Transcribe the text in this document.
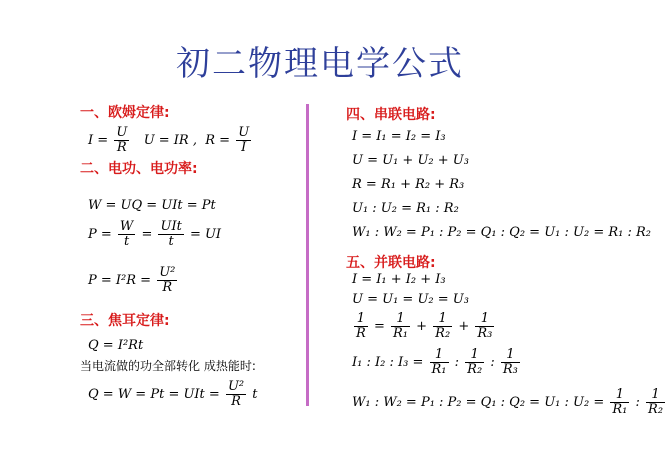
初二物理电学公式
一、欧姆定律:
$I = \frac{U}{R}$ U = IR , $R = \frac{U}{I}$
二、电功、电功率:
W = UQ = UIt = Pt
$P = \frac{W}{t} = \frac{\text{UIt}}{t}$ = UI
$P = I^2R = \frac{\text{U²}}{R}$
三、焦耳定律:
Q = I²Rt
当电流做的功全部转化 成热能时:
Q = W = Pt = UIt = $\frac{\text{U²}}{R}$ t
四、串联电路:
I = I₁ = I₂ = I₃
U = U₁ + U₂ + U₃
R = R₁ + R₂ + R₃
U₁ : U₂ = R₁ : R₂
W₁ : W₂ = P₁ : P₂ = Q₁ : Q₂ = U₁ : U₂ = R₁ : R₂
五、并联电路:
I = I₁ + I₂ + I₃
U = U₁ = U₂ = U₃
$\frac{1}{R} = \frac{1}{\text{R₁}} + \frac{1}{\text{R₂}} + \frac{1}{\text{R₃}}$
I₁ : I₂ : $I_3 = \frac{1}{\text{R₁}}$ : $\frac{1}{\text{R₂}}$ : $\frac{1}{\text{R₃}}$
W₁ : W₂ = P₁ : P₂ = Q₁ : Q₂ = U₁ : $U_2 = \frac{1}{\text{R₁}}$ : $\frac{1}{\text{R₂}}$
